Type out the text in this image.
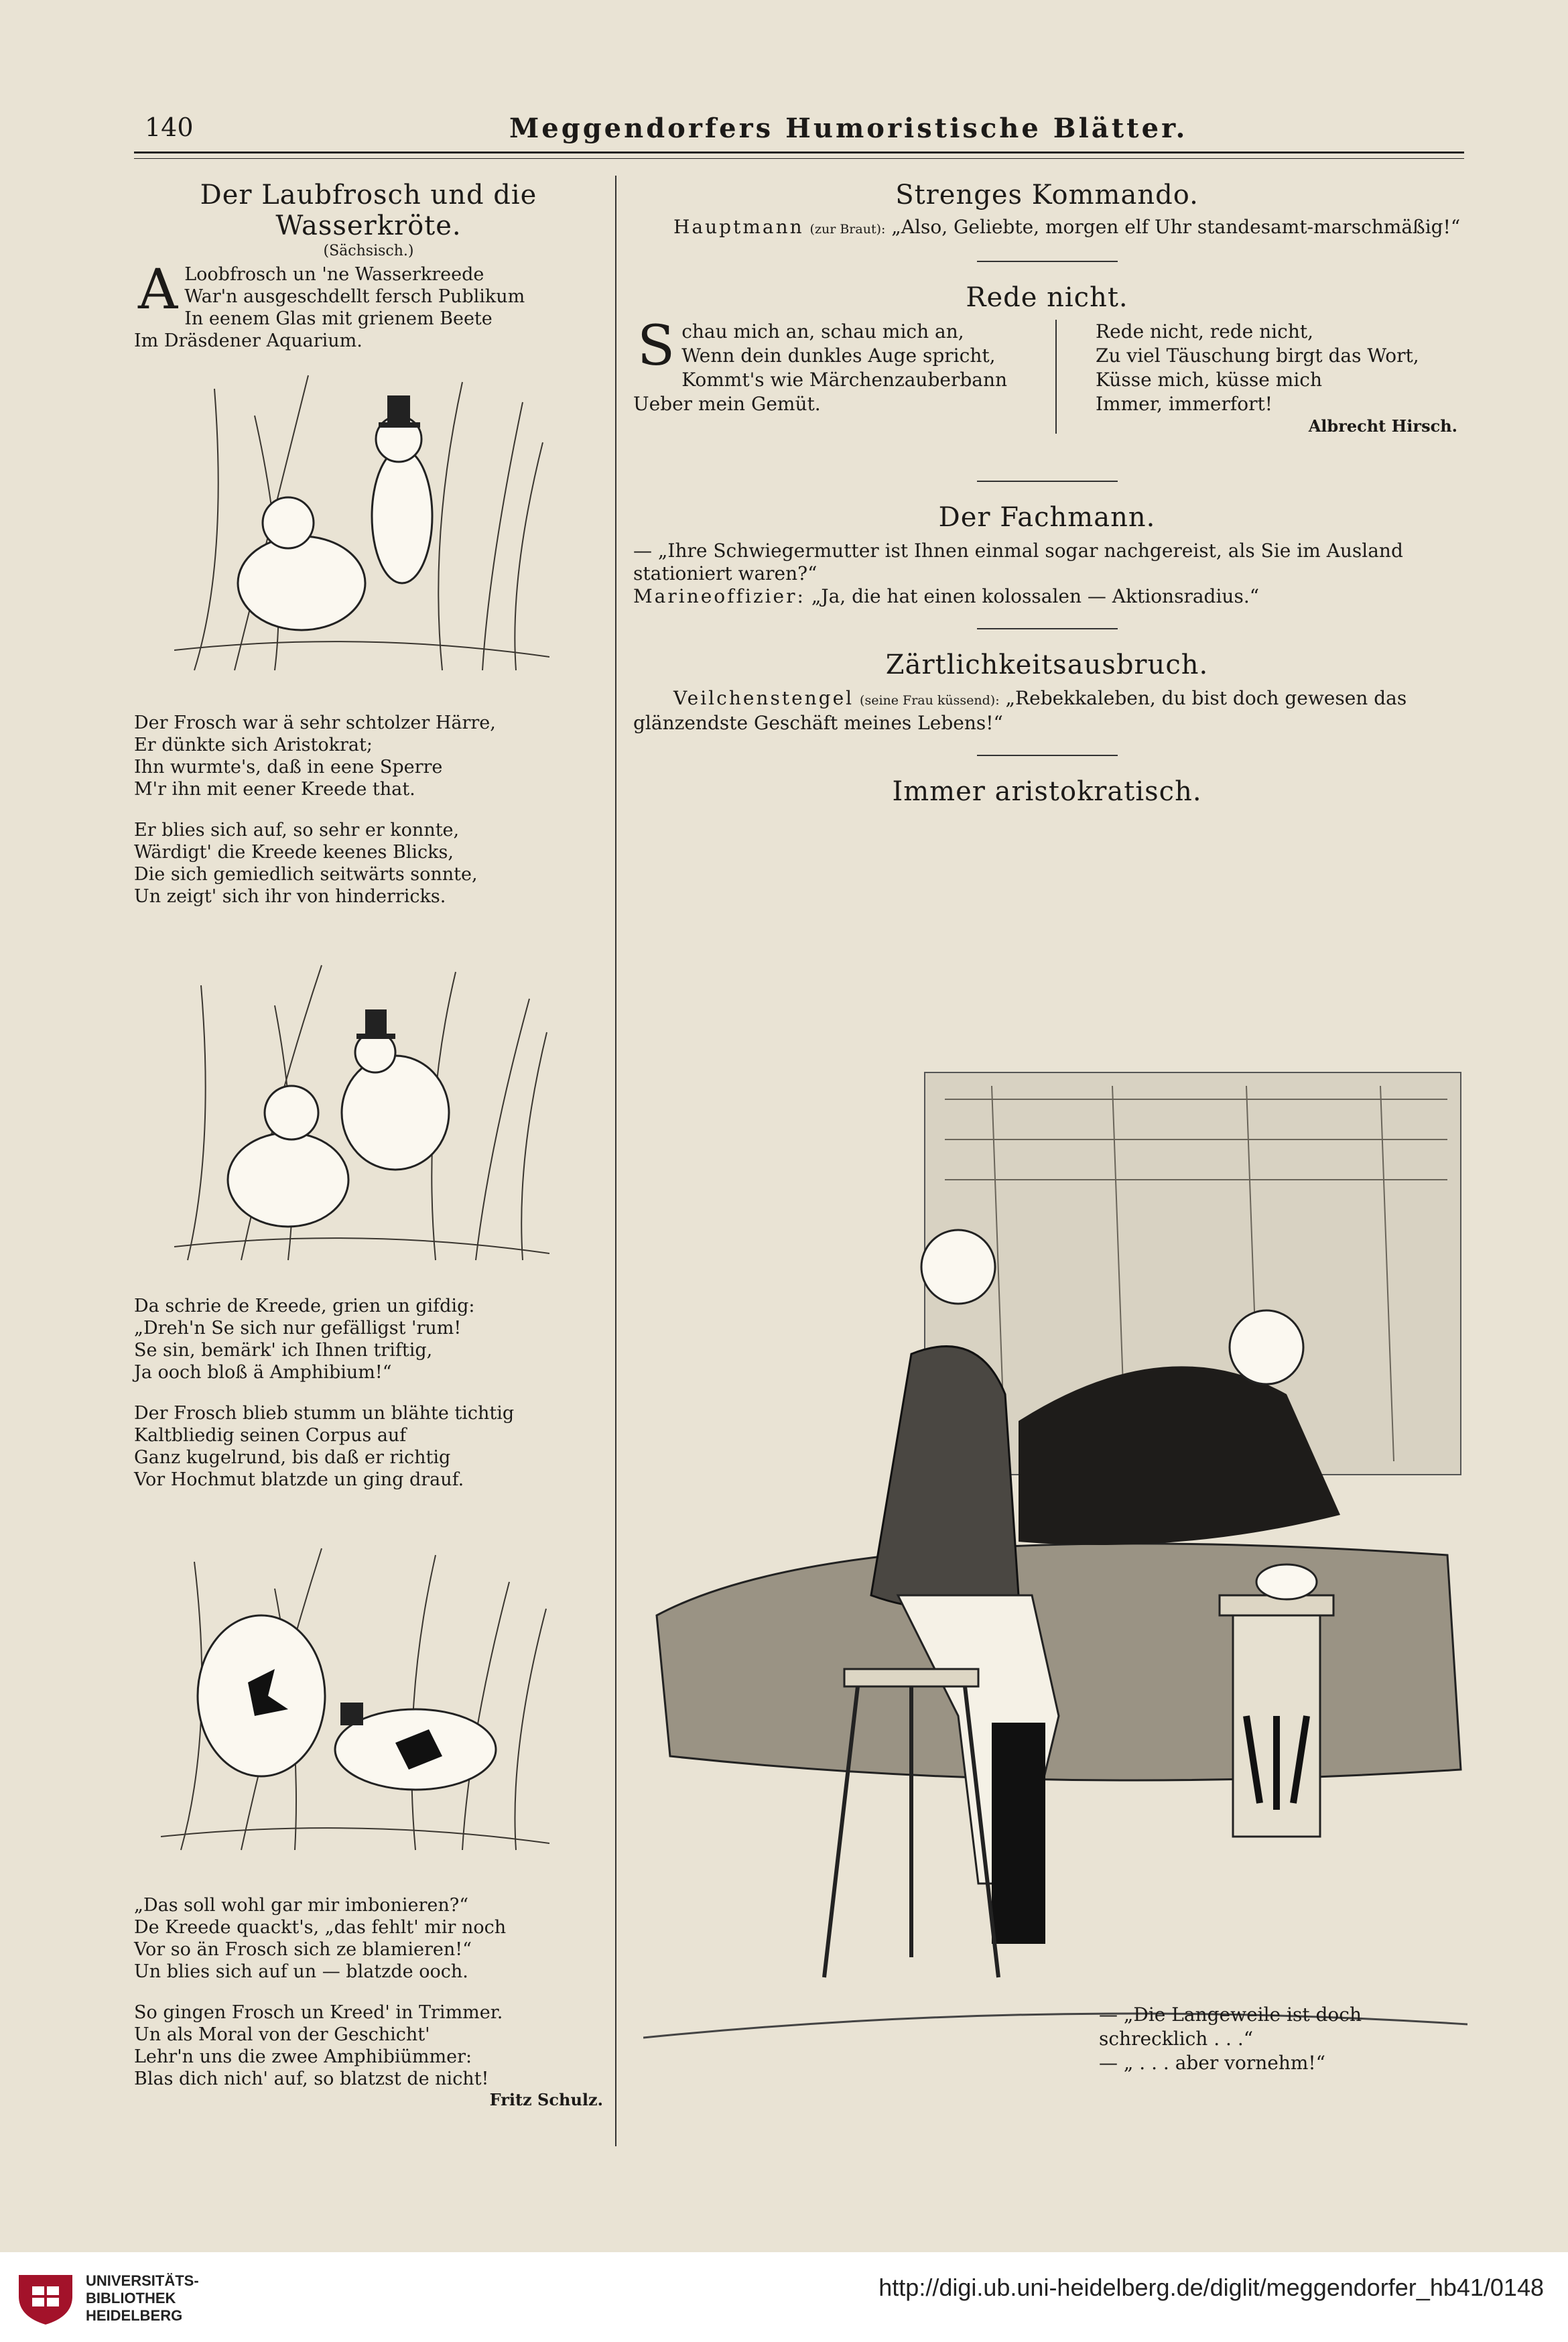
140	Meggendorfers Humoristische Blätter.
Der Laubfrosch und die Wasserkröte.
(Sächsisch.)
A Loobfrosch un 'ne Wasserkreede
War'n ausgeschdellt fersch Publikum
In eenem Glas mit grienem Beete
Im Dräsdener Aquarium.

Der Frosch war ä sehr schtolzer Härre,
Er dünkte sich Aristokrat;
Ihn wurmte's, daß in eene Sperre
M'r ihn mit eener Kreede that.

Er blies sich auf, so sehr er konnte,
Wärdigt' die Kreede keenes Blicks,
Die sich gemiedlich seitwärts sonnte,
Un zeigt' sich ihr von hinderricks.

Da schrie de Kreede, grien un gifdig:
„Dreh'n Se sich nur gefälligst 'rum!
Se sin, bemärk' ich Ihnen triftig,
Ja ooch bloß ä Amphibium!“

Der Frosch blieb stumm un blähte tichtig
Kaltbliedig seinen Corpus auf
Ganz kugelrund, bis daß er richtig
Vor Hochmut blatzde un ging drauf.

„Das soll wohl gar mir imbonieren?“
De Kreede quackt's, „das fehlt' mir noch
Vor so än Frosch sich ze blamieren!“
Un blies sich auf un — blatzde ooch.

So gingen Frosch un Kreed' in Trimmer.
Un als Moral von der Geschicht'
Lehr'n uns die zwee Amphibiümmer:
Blas dich nich' auf, so blatzst de nicht!

Fritz Schulz.
Strenges Kommando.

Hauptmann (zur Braut): „Also, Geliebte, morgen elf Uhr standesamt-marschmäßig!“

Rede nicht.
S chau mich an, schau mich an,
Wenn dein dunkles Auge spricht,
Kommt's wie Märchenzauberbann
Ueber mein Gemüt.

Rede nicht, rede nicht,
Zu viel Täuschung birgt das Wort,
Küsse mich, küsse mich
Immer, immerfort!

Albrecht Hirsch.
Der Fachmann.

— „Ihre Schwiegermutter ist Ihnen einmal sogar nachgereist, als Sie im Ausland stationiert waren?“

Marineoffizier: „Ja, die hat einen kolossalen — Aktionsradius.“

Zärtlichkeitsausbruch.

Veilchenstengel (seine Frau küssend): „Rebekkaleben, du bist doch gewesen das glänzendste Geschäft meines Lebens!“

Immer aristokratisch.

— „Die Langeweile ist doch schrecklich . . .“
— „ . . . aber vornehm!“

UNIVERSITÄTS-
BIBLIOTHEK
HEIDELBERG
http://digi.ub.uni-heidelberg.de/diglit/meggendorfer_hb41/0148
